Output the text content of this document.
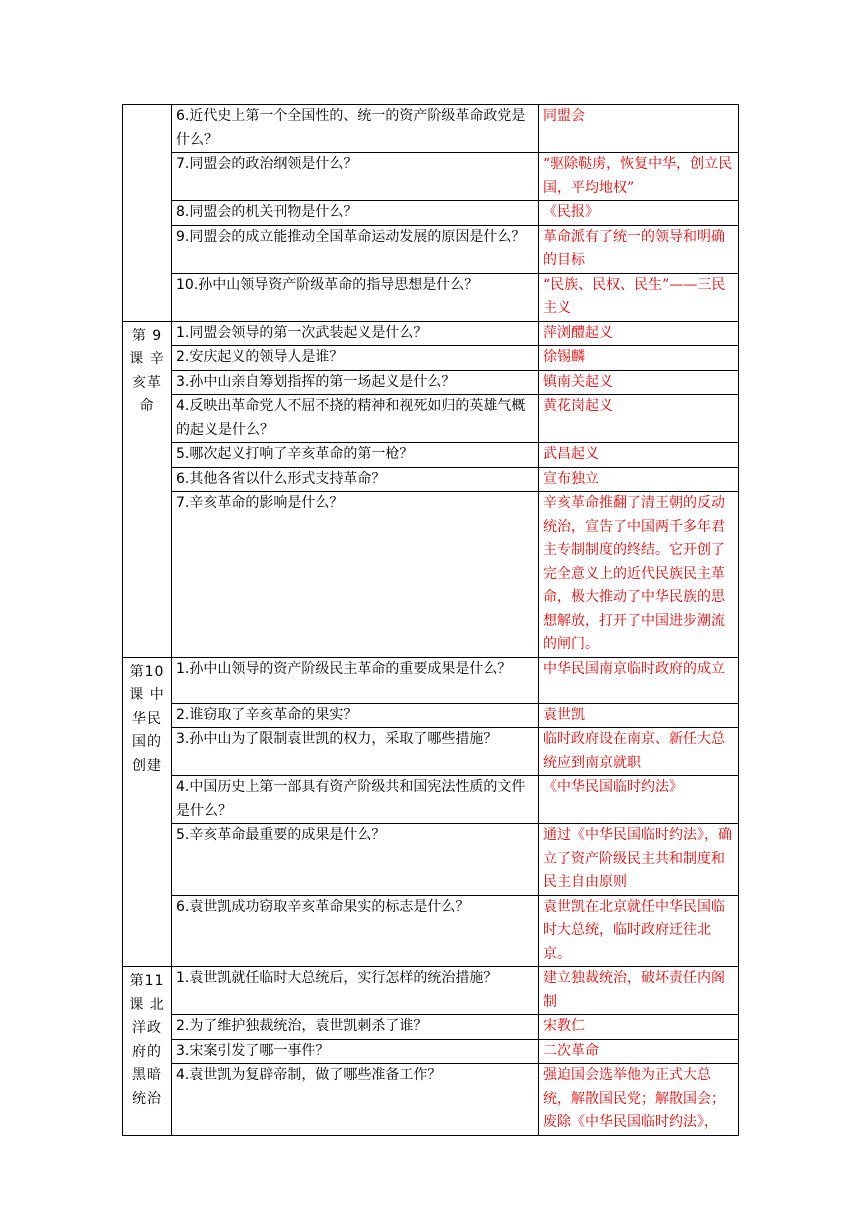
	6.近代史上第一个全国性的、统一的资产阶级革命政党是什么？	同盟会
	7.同盟会的政治纲领是什么？	“驱除鞑虏，恢复中华，创立民国，平均地权”
	8.同盟会的机关刊物是什么？	《民报》
	9.同盟会的成立能推动全国革命运动发展的原因是什么？	革命派有了统一的领导和明确的目标
	10.孙中山领导资产阶级革命的指导思想是什么？	“民族、民权、民生”——三民主义
第 9 课 辛亥革命	1.同盟会领导的第一次武装起义是什么？	萍浏醴起义
	2.安庆起义的领导人是谁？	徐锡麟
	3.孙中山亲自筹划指挥的第一场起义是什么？	镇南关起义
	4.反映出革命党人不屈不挠的精神和视死如归的英雄气概的起义是什么？	黄花岗起义
	5.哪次起义打响了辛亥革命的第一枪？	武昌起义
	6.其他各省以什么形式支持革命？	宣布独立
	7.辛亥革命的影响是什么？	辛亥革命推翻了清王朝的反动统治，宣告了中国两千多年君主专制制度的终结。它开创了完全意义上的近代民族民主革命，极大推动了中华民族的思想解放，打开了中国进步潮流的闸门。
第10课 中华民国的创建	1.孙中山领导的资产阶级民主革命的重要成果是什么？	中华民国南京临时政府的成立
	2.谁窃取了辛亥革命的果实？	袁世凯
	3.孙中山为了限制袁世凯的权力，采取了哪些措施？	临时政府设在南京、新任大总统应到南京就职
	4.中国历史上第一部具有资产阶级共和国宪法性质的文件是什么？	《中华民国临时约法》
	5.辛亥革命最重要的成果是什么？	通过《中华民国临时约法》，确立了资产阶级民主共和制度和民主自由原则
	6.袁世凯成功窃取辛亥革命果实的标志是什么？	袁世凯在北京就任中华民国临时大总统，临时政府迁往北京。
第11课 北洋政府的黑暗统治	1.袁世凯就任临时大总统后，实行怎样的统治措施？	建立独裁统治，破坏责任内阁制
	2.为了维护独裁统治，袁世凯刺杀了谁？	宋教仁
	3.宋案引发了哪一事件？	二次革命
	4.袁世凯为复辟帝制，做了哪些准备工作？	强迫国会选举他为正式大总统，解散国民党；解散国会；废除《中华民国临时约法》，
